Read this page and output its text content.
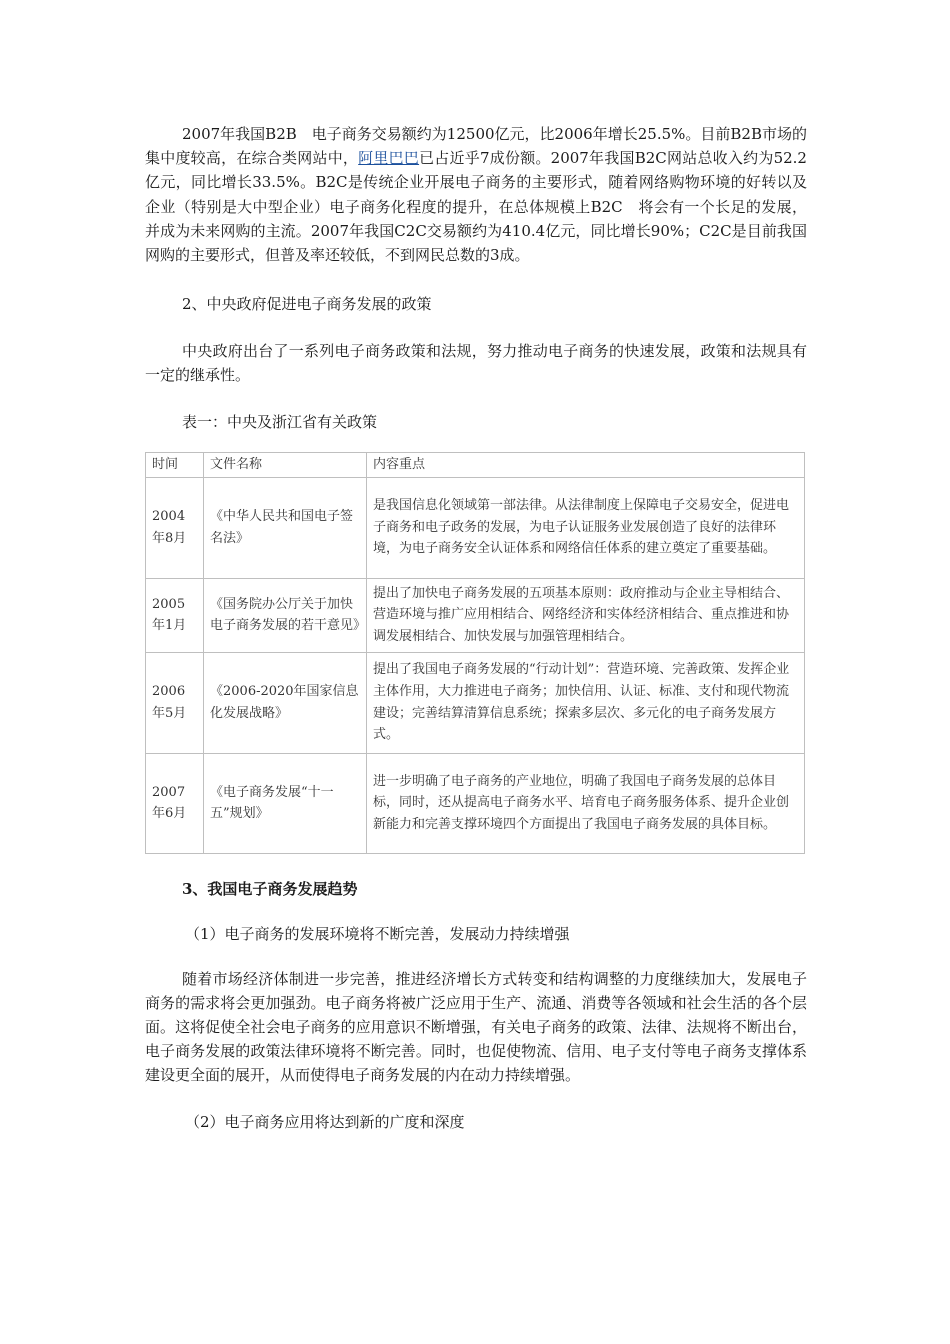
2007年我国B2B　电子商务交易额约为12500亿元，比2006年增长25.5%。目前B2B市场的集中度较高，在综合类网站中，阿里巴巴已占近乎7成份额。2007年我国B2C网站总收入约为52.2亿元，同比增长33.5%。B2C是传统企业开展电子商务的主要形式，随着网络购物环境的好转以及企业（特别是大中型企业）电子商务化程度的提升，在总体规模上B2C　将会有一个长足的发展，并成为未来网购的主流。2007年我国C2C交易额约为410.4亿元，同比增长90%；C2C是目前我国网购的主要形式，但普及率还较低，不到网民总数的3成。

2、中央政府促进电子商务发展的政策

中央政府出台了一系列电子商务政策和法规，努力推动电子商务的快速发展，政策和法规具有一定的继承性。

表一：中央及浙江省有关政策

时间	文件名称	内容重点
2004年8月	《中华人民共和国电子签名法》	是我国信息化领域第一部法律。从法律制度上保障电子交易安全，促进电子商务和电子政务的发展，为电子认证服务业发展创造了良好的法律环境，为电子商务安全认证体系和网络信任体系的建立奠定了重要基础。
2005年1月	《国务院办公厅关于加快电子商务发展的若干意见》	提出了加快电子商务发展的五项基本原则：政府推动与企业主导相结合、营造环境与推广应用相结合、网络经济和实体经济相结合、重点推进和协调发展相结合、加快发展与加强管理相结合。
2006年5月	《2006-2020年国家信息化发展战略》	提出了我国电子商务发展的“行动计划”：营造环境、完善政策、发挥企业主体作用，大力推进电子商务；加快信用、认证、标准、支付和现代物流建设；完善结算清算信息系统；探索多层次、多元化的电子商务发展方式。
2007年6月	《电子商务发展“十一五”规划》	进一步明确了电子商务的产业地位，明确了我国电子商务发展的总体目标，同时，还从提高电子商务水平、培育电子商务服务体系、提升企业创新能力和完善支撑环境四个方面提出了我国电子商务发展的具体目标。

3、我国电子商务发展趋势

（1）电子商务的发展环境将不断完善，发展动力持续增强

随着市场经济体制进一步完善，推进经济增长方式转变和结构调整的力度继续加大，发展电子商务的需求将会更加强劲。电子商务将被广泛应用于生产、流通、消费等各领域和社会生活的各个层面。这将促使全社会电子商务的应用意识不断增强，有关电子商务的政策、法律、法规将不断出台，电子商务发展的政策法律环境将不断完善。同时，也促使物流、信用、电子支付等电子商务支撑体系建设更全面的展开，从而使得电子商务发展的内在动力持续增强。

（2）电子商务应用将达到新的广度和深度
